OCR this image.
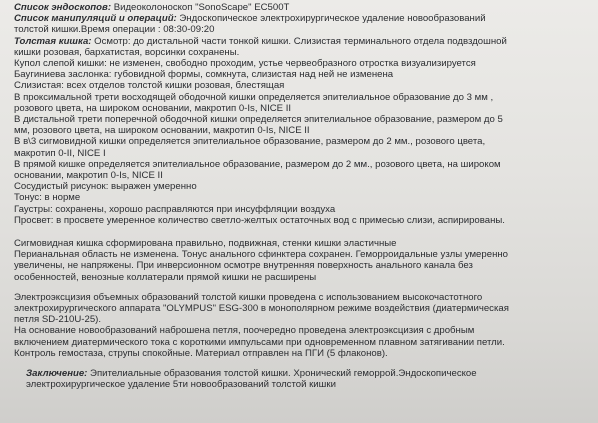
Список эндоскопов: Видеоколоноскоп "SonoScape" EC500T
Список манипуляций и операций: Эндоскопическое электрохирургическое удаление новообразований
толстой кишки.Время операции : 08:30-09:20
Толстая кишка: Осмотр: до дистальной части тонкой кишки. Слизистая терминального отдела подвздошной
кишки розовая, бархатистая, ворсинки сохранены.
Купол слепой кишки: не изменен, свободно проходим, устье червеобразного отростка визуализируется
Баугиниева заслонка: губовидной формы, сомкнута, слизистая над ней не изменена
Слизистая: всех отделов толстой кишки розовая, блестящая
В проксимальной трети восходящей ободочной кишки определяется эпителиальное образование до 3 мм ,
розового цвета, на широком основании, макротип 0-Is, NICE II
В дистальной трети поперечной ободочной кишки определяется эпителиальное образование, размером до 5
мм, розового цвета, на широком основании, макротип 0-Is, NICE II
В в\3 сигмовидной кишки определяется эпителиальное образование, размером до 2 мм., розового цвета,
макротип 0-II, NICE I
В прямой кишке определяется эпителиальное образование, размером до 2 мм., розового цвета, на широком
основании, макротип 0-Is, NICE II
Сосудистый рисунок: выражен умеренно
Тонус: в норме
Гаустры: сохранены, хорошо расправляются при инсуффляции воздуха
Просвет: в просвете умеренное количество светло-желтых остаточных вод с примесью слизи, аспирированы.
Сигмовидная кишка сформирована правильно, подвижная, стенки кишки эластичные
Перианальная область не изменена. Тонус анального сфинктера сохранен. Геморроидальные узлы умеренно
увеличены, не напряжены. При инверсионном осмотре внутренняя поверхность анального канала без
особенностей, венозные коллатерали прямой кишки не расширены
Электроэксцизия объемных образований толстой кишки проведена с использованием высокочастотного
электрохирургического аппарата "OLYMPUS" ESG-300 в монополярном режиме воздействия (диатермическая
петля SD-210U-25).
На основание новообразований наброшена петля, поочередно проведена электроэксцизия с дробным
включением диатермического тока с короткими импульсами при одновременном плавном затягивании петли.
Контроль гемостаза, струпы спокойные. Материал отправлен на ПГИ (5 флаконов).
Заключение: Эпителиальные образования толстой кишки. Хронический геморрой.Эндоскопическое
электрохирургическое удаление 5ти новообразований толстой кишки
